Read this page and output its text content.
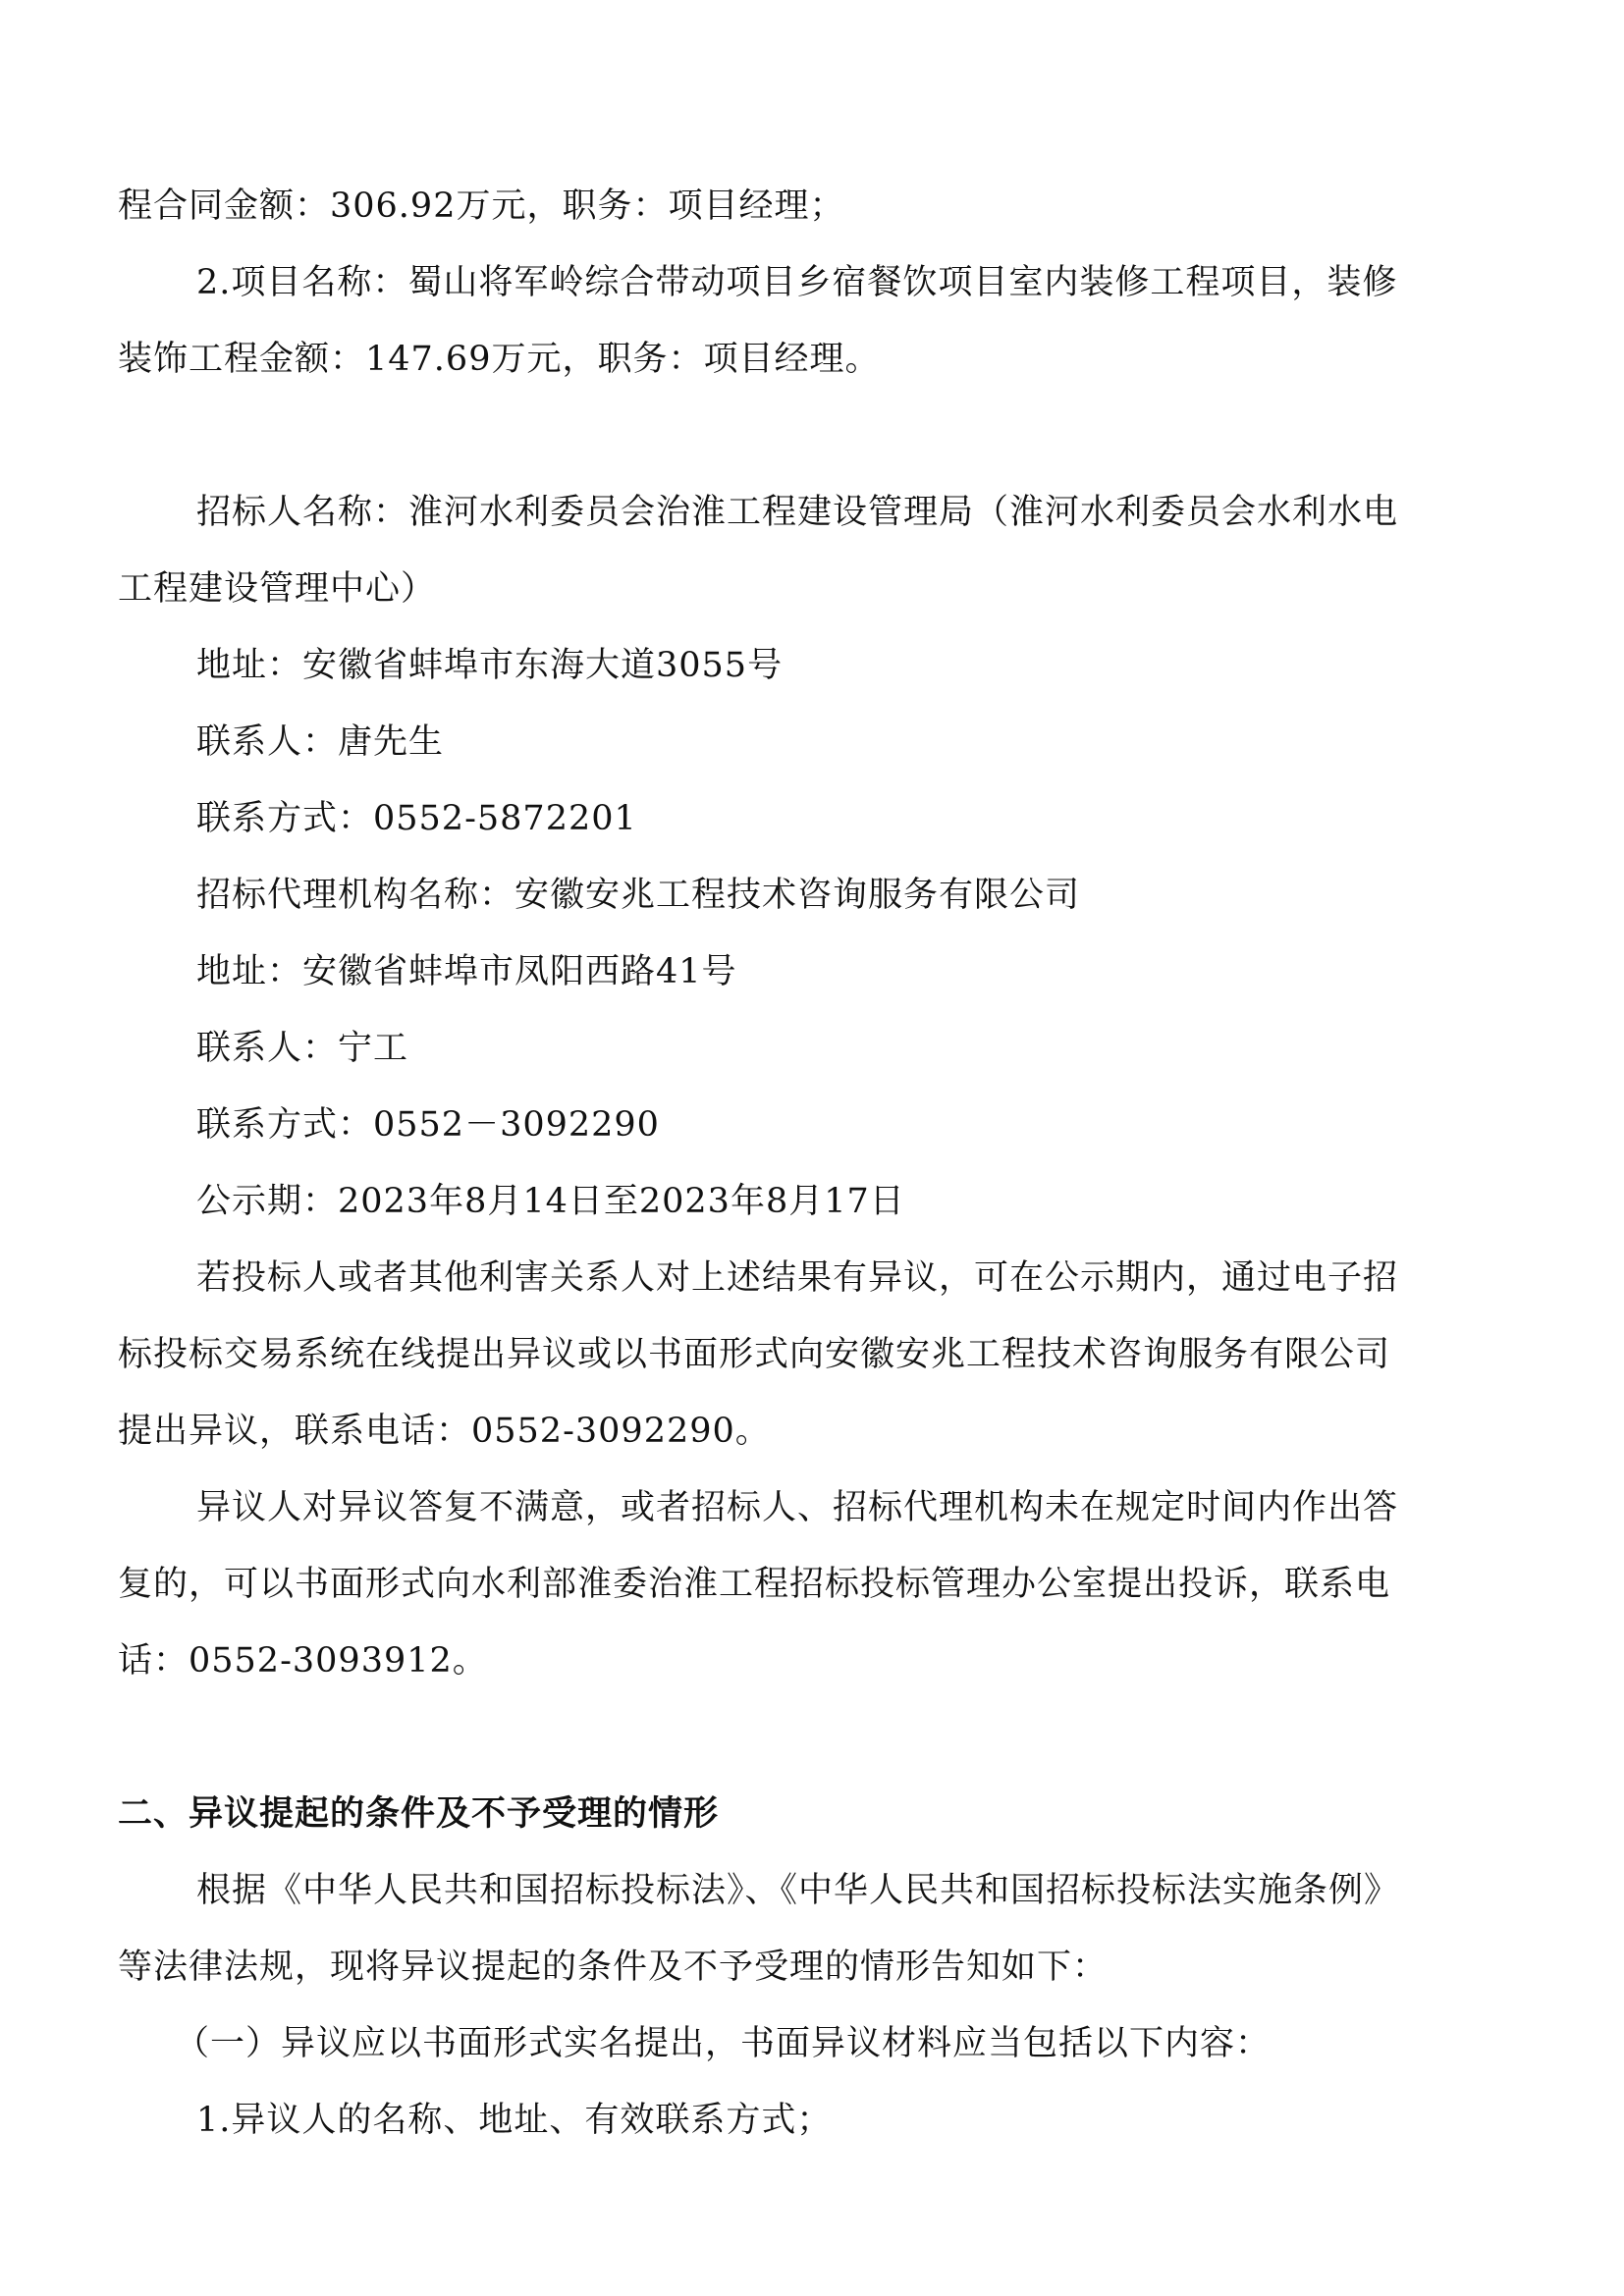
程合同金额：306.92万元，职务：项目经理；
2.项目名称：蜀山将军岭综合带动项目乡宿餐饮项目室内装修工程项目，装修
装饰工程金额：147.69万元，职务：项目经理。
招标人名称：淮河水利委员会治淮工程建设管理局（淮河水利委员会水利水电
工程建设管理中心）
地址：安徽省蚌埠市东海大道3055号
联系人：唐先生
联系方式：0552-5872201
招标代理机构名称：安徽安兆工程技术咨询服务有限公司
地址：安徽省蚌埠市凤阳西路41号
联系人：宁工
联系方式：0552－3092290
公示期：2023年8月14日至2023年8月17日
若投标人或者其他利害关系人对上述结果有异议，可在公示期内，通过电子招
标投标交易系统在线提出异议或以书面形式向安徽安兆工程技术咨询服务有限公司
提出异议，联系电话：0552-3092290。
异议人对异议答复不满意，或者招标人、招标代理机构未在规定时间内作出答
复的，可以书面形式向水利部淮委治淮工程招标投标管理办公室提出投诉，联系电
话：0552-3093912。
二、异议提起的条件及不予受理的情形
根据《中华人民共和国招标投标法》、《中华人民共和国招标投标法实施条例》
等法律法规，现将异议提起的条件及不予受理的情形告知如下：
（一）异议应以书面形式实名提出，书面异议材料应当包括以下内容：
1.异议人的名称、地址、有效联系方式；
